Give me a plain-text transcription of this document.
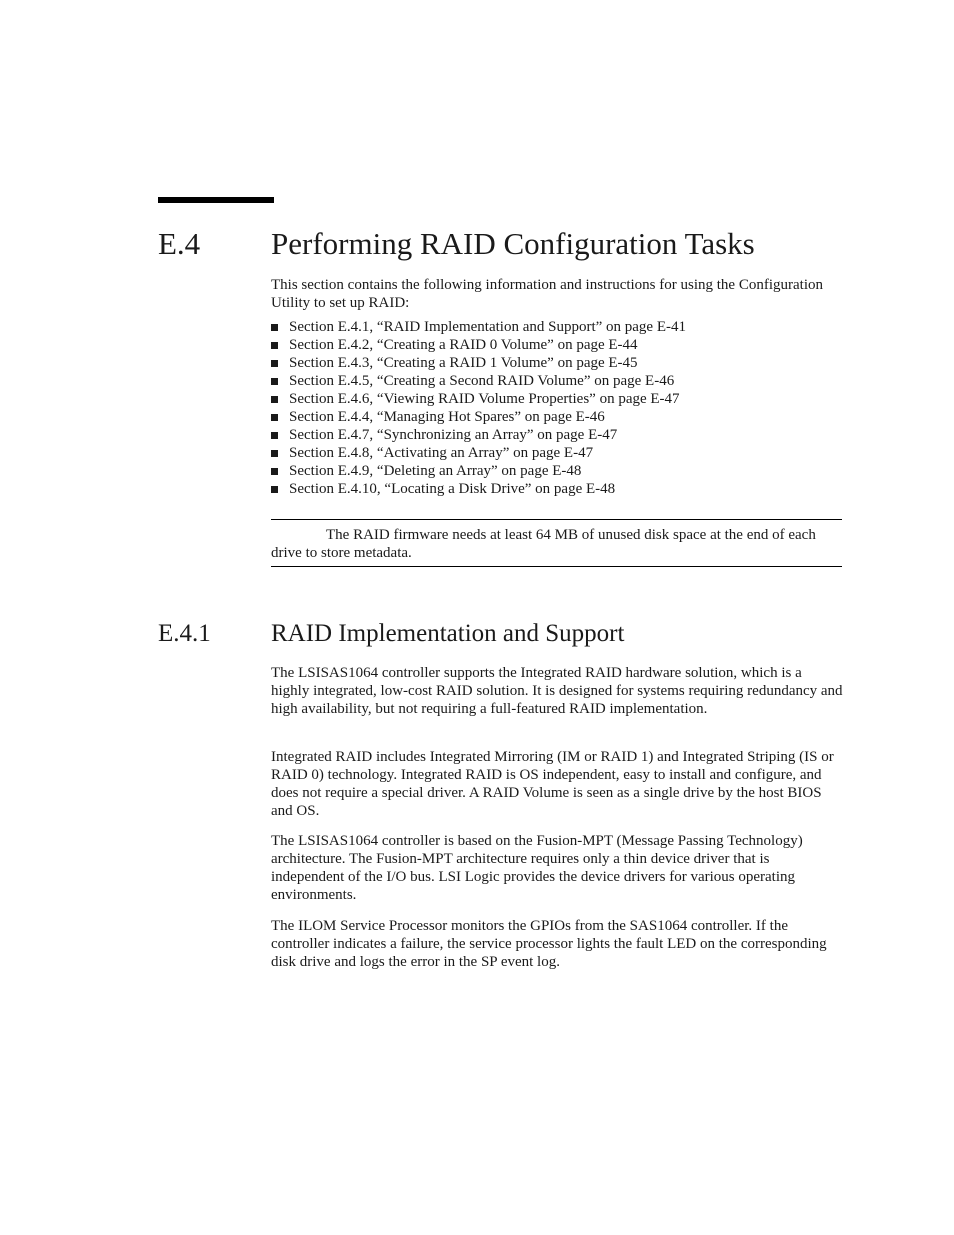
E.4 Performing RAID Configuration Tasks

This section contains the following information and instructions for using the Configuration Utility to set up RAID:

Section E.4.1, “RAID Implementation and Support” on page E-41
Section E.4.2, “Creating a RAID 0 Volume” on page E-44
Section E.4.3, “Creating a RAID 1 Volume” on page E-45
Section E.4.5, “Creating a Second RAID Volume” on page E-46
Section E.4.6, “Viewing RAID Volume Properties” on page E-47
Section E.4.4, “Managing Hot Spares” on page E-46
Section E.4.7, “Synchronizing an Array” on page E-47
Section E.4.8, “Activating an Array” on page E-47
Section E.4.9, “Deleting an Array” on page E-48
Section E.4.10, “Locating a Disk Drive” on page E-48

The RAID firmware needs at least 64 MB of unused disk space at the end of each drive to store metadata.

E.4.1 RAID Implementation and Support

The LSISAS1064 controller supports the Integrated RAID hardware solution, which is a highly integrated, low-cost RAID solution. It is designed for systems requiring redundancy and high availability, but not requiring a full-featured RAID implementation.

Integrated RAID includes Integrated Mirroring (IM or RAID 1) and Integrated Striping (IS or RAID 0) technology. Integrated RAID is OS independent, easy to install and configure, and does not require a special driver. A RAID Volume is seen as a single drive by the host BIOS and OS.

The LSISAS1064 controller is based on the Fusion-MPT (Message Passing Technology) architecture. The Fusion-MPT architecture requires only a thin device driver that is independent of the I/O bus. LSI Logic provides the device drivers for various operating environments.

The ILOM Service Processor monitors the GPIOs from the SAS1064 controller. If the controller indicates a failure, the service processor lights the fault LED on the corresponding disk drive and logs the error in the SP event log.
